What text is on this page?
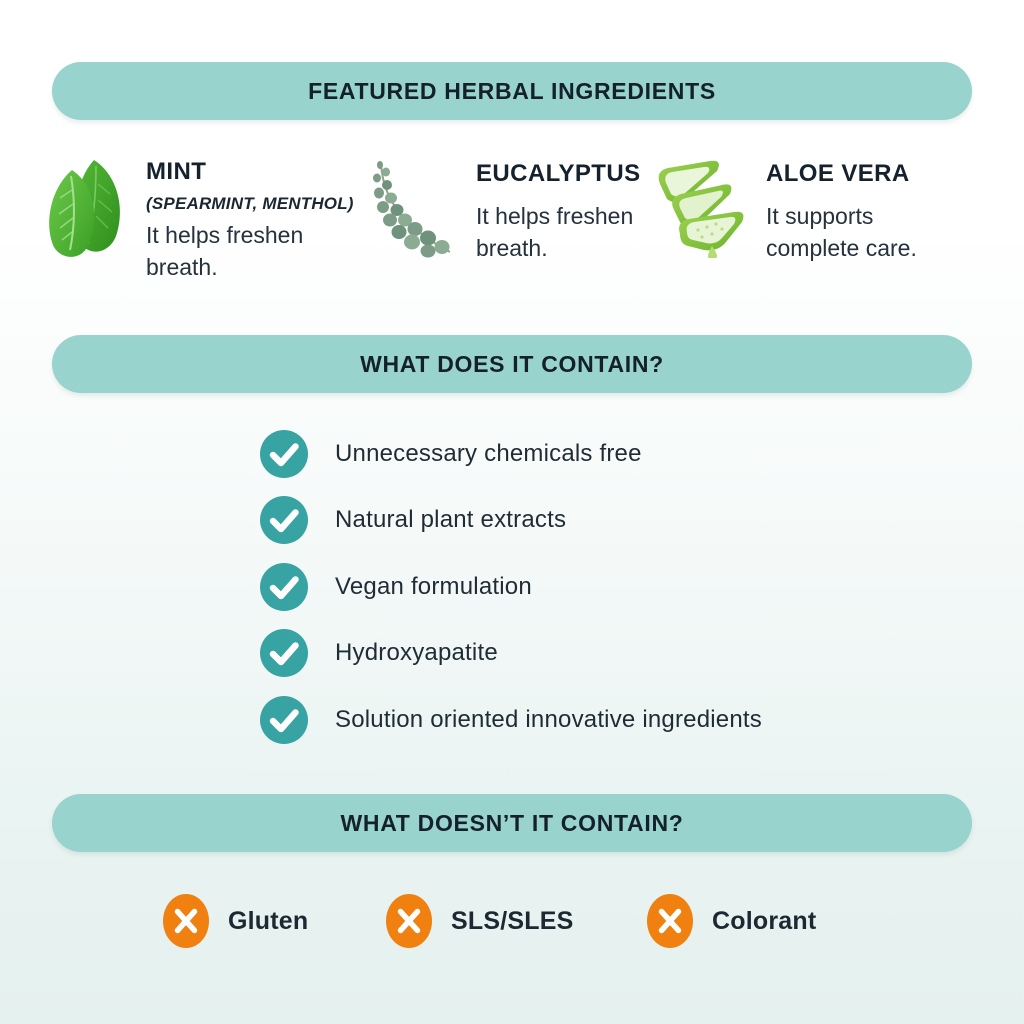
FEATURED HERBAL INGREDIENTS
MINT
(SPEARMINT, MENTHOL)
It helps freshen breath.
EUCALYPTUS
It helps freshen breath.
ALOE VERA
It supports complete care.
WHAT DOES IT CONTAIN?
Unnecessary chemicals free
Natural plant extracts
Vegan formulation
Hydroxyapatite
Solution oriented innovative ingredients
WHAT DOESN’T IT CONTAIN?
Gluten	SLS/SLES	Colorant
